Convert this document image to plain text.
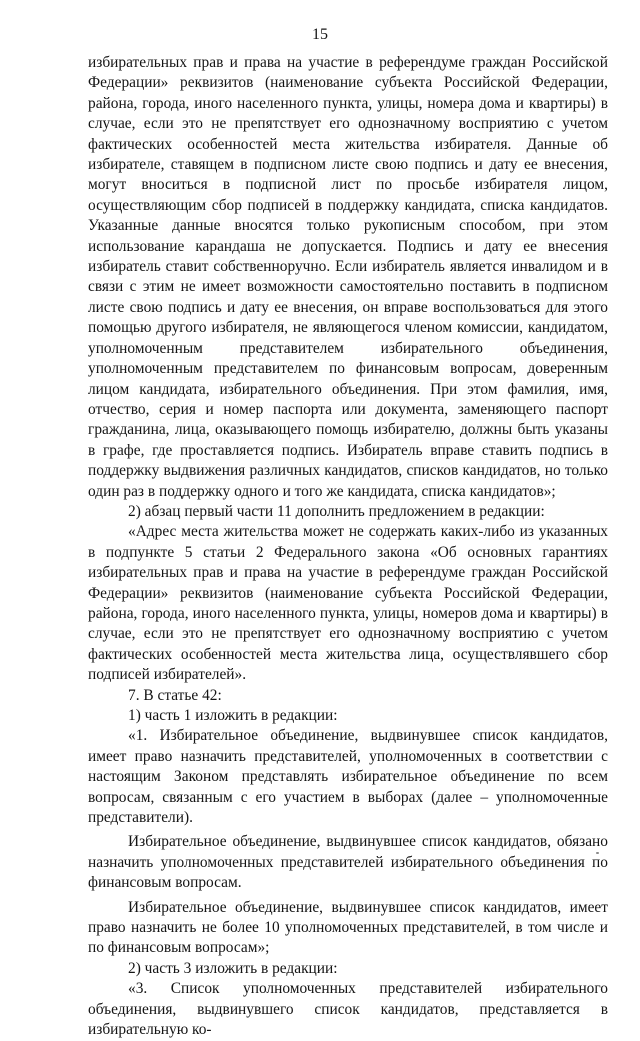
15

избирательных прав и права на участие в референдуме граждан Российской Федерации» реквизитов (наименование субъекта Российской Федерации, района, города, иного населенного пункта, улицы, номера дома и квартиры) в случае, если это не препятствует его однозначному восприятию с учетом фактических особенностей места жительства избирателя. Данные об избирателе, ставящем в подписном листе свою подпись и дату ее внесения, могут вноситься в подписной лист по просьбе избирателя лицом, осуществляющим сбор подписей в поддержку кандидата, списка кандидатов. Указанные данные вносятся только рукописным способом, при этом использование карандаша не допускается. Подпись и дату ее внесения избиратель ставит собственноручно. Если избиратель является инвалидом и в связи с этим не имеет возможности самостоятельно поставить в подписном листе свою подпись и дату ее внесения, он вправе воспользоваться для этого помощью другого избирателя, не являющегося членом комиссии, кандидатом, уполномоченным представителем избирательного объединения, уполномоченным представителем по финансовым вопросам, доверенным лицом кандидата, избирательного объединения. При этом фамилия, имя, отчество, серия и номер паспорта или документа, заменяющего паспорт гражданина, лица, оказывающего помощь избирателю, должны быть указаны в графе, где проставляется подпись. Избиратель вправе ставить подпись в поддержку выдвижения различных кандидатов, списков кандидатов, но только один раз в поддержку одного и того же кандидата, списка кандидатов»;

2) абзац первый части 11 дополнить предложением в редакции:

«Адрес места жительства может не содержать каких-либо из указанных в подпункте 5 статьи 2 Федерального закона «Об основных гарантиях избирательных прав и права на участие в референдуме граждан Российской Федерации» реквизитов (наименование субъекта Российской Федерации, района, города, иного населенного пункта, улицы, номеров дома и квартиры) в случае, если это не препятствует его однозначному восприятию с учетом фактических особенностей места жительства лица, осуществлявшего сбор подписей избирателей».

7. В статье 42:

1) часть 1 изложить в редакции:

«1. Избирательное объединение, выдвинувшее список кандидатов, имеет право назначить представителей, уполномоченных в соответствии с настоящим Законом представлять избирательное объединение по всем вопросам, связанным с его участием в выборах (далее – уполномоченные представители).

Избирательное объединение, выдвинувшее список кандидатов, обязано назначить уполномоченных представителей избирательного объединения по финансовым вопросам.

Избирательное объединение, выдвинувшее список кандидатов, имеет право назначить не более 10 уполномоченных представителей, в том числе и по финансовым вопросам»;

2) часть 3 изложить в редакции:

«3. Список уполномоченных представителей избирательного объединения, выдвинувшего список кандидатов, представляется в избирательную ко-
